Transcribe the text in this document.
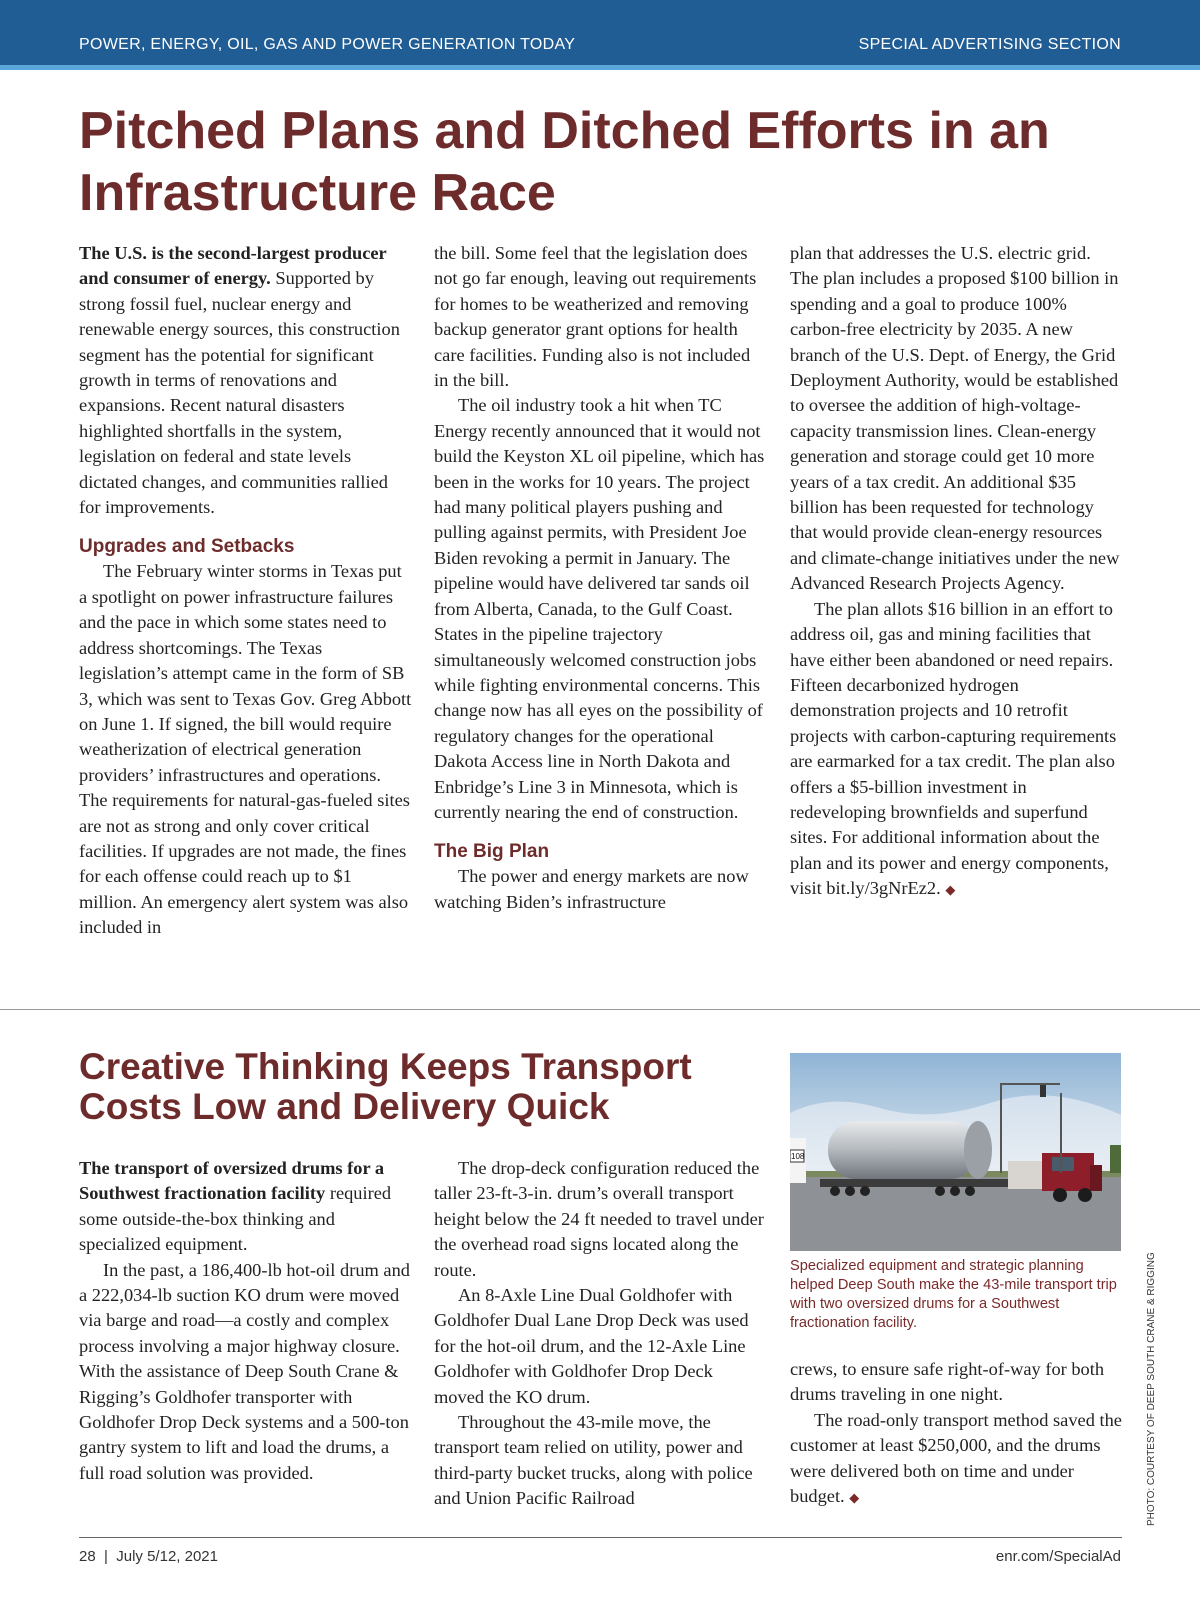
POWER, ENERGY, OIL, GAS AND POWER GENERATION TODAY	SPECIAL ADVERTISING SECTION
Pitched Plans and Ditched Efforts in an Infrastructure Race

The U.S. is the second-largest producer and consumer of energy. Supported by strong fossil fuel, nuclear energy and renewable energy sources, this construction segment has the potential for significant growth in terms of renovations and expansions. Recent natural disasters highlighted shortfalls in the system, legislation on federal and state levels dictated changes, and communities rallied for improvements.

Upgrades and Setbacks

The February winter storms in Texas put a spotlight on power infrastructure failures and the pace in which some states need to address shortcomings. The Texas legislation’s attempt came in the form of SB 3, which was sent to Texas Gov. Greg Abbott on June 1. If signed, the bill would require weatherization of electrical generation providers’ infrastructures and operations. The requirements for natural-gas-fueled sites are not as strong and only cover critical facilities. If upgrades are not made, the fines for each offense could reach up to $1 million. An emergency alert system was also included in

the bill. Some feel that the legislation does not go far enough, leaving out requirements for homes to be weatherized and removing backup generator grant options for health care facilities. Funding also is not included in the bill.

The oil industry took a hit when TC Energy recently announced that it would not build the Keyston XL oil pipeline, which has been in the works for 10 years. The project had many political players pushing and pulling against permits, with President Joe Biden revoking a permit in January. The pipeline would have delivered tar sands oil from Alberta, Canada, to the Gulf Coast. States in the pipeline trajectory simultaneously welcomed construction jobs while fighting environmental concerns. This change now has all eyes on the possibility of regulatory changes for the operational Dakota Access line in North Dakota and Enbridge’s Line 3 in Minnesota, which is currently nearing the end of construction.

The Big Plan

The power and energy markets are now watching Biden’s infrastructure

plan that addresses the U.S. electric grid. The plan includes a proposed $100 billion in spending and a goal to produce 100% carbon-free electricity by 2035. A new branch of the U.S. Dept. of Energy, the Grid Deployment Authority, would be established to oversee the addition of high-voltage-capacity transmission lines. Clean-energy generation and storage could get 10 more years of a tax credit. An additional $35 billion has been requested for technology that would provide clean-energy resources and climate-change initiatives under the new Advanced Research Projects Agency.

The plan allots $16 billion in an effort to address oil, gas and mining facilities that have either been abandoned or need repairs. Fifteen decarbonized hydrogen demonstration projects and 10 retrofit projects with carbon-capturing requirements are earmarked for a tax credit. The plan also offers a $5-billion investment in redeveloping brownfields and superfund sites. For additional information about the plan and its power and energy components, visit bit.ly/3gNrEz2. ◆

Creative Thinking Keeps Transport Costs Low and Delivery Quick

The transport of oversized drums for a Southwest fractionation facility required some outside-the-box thinking and specialized equipment.

In the past, a 186,400-lb hot-oil drum and a 222,034-lb suction KO drum were moved via barge and road—a costly and complex process involving a major highway closure. With the assistance of Deep South Crane & Rigging’s Goldhofer transporter with Goldhofer Drop Deck systems and a 500-ton gantry system to lift and load the drums, a full road solution was provided.

The drop-deck configuration reduced the taller 23-ft-3-in. drum’s overall transport height below the 24 ft needed to travel under the overhead road signs located along the route.

An 8-Axle Line Dual Goldhofer with Goldhofer Dual Lane Drop Deck was used for the hot-oil drum, and the 12-Axle Line Goldhofer with Goldhofer Drop Deck moved the KO drum.

Throughout the 43-mile move, the transport team relied on utility, power and third-party bucket trucks, along with police and Union Pacific Railroad

108

Specialized equipment and strategic planning helped Deep South make the 43-mile transport trip with two oversized drums for a Southwest fractionation facility.	PHOTO: COURTESY OF DEEP SOUTH CRANE & RIGGING

crews, to ensure safe right-of-way for both drums traveling in one night.

The road-only transport method saved the customer at least $250,000, and the drums were delivered both on time and under budget. ◆

28  |  July 5/12, 2021	enr.com/SpecialAd
